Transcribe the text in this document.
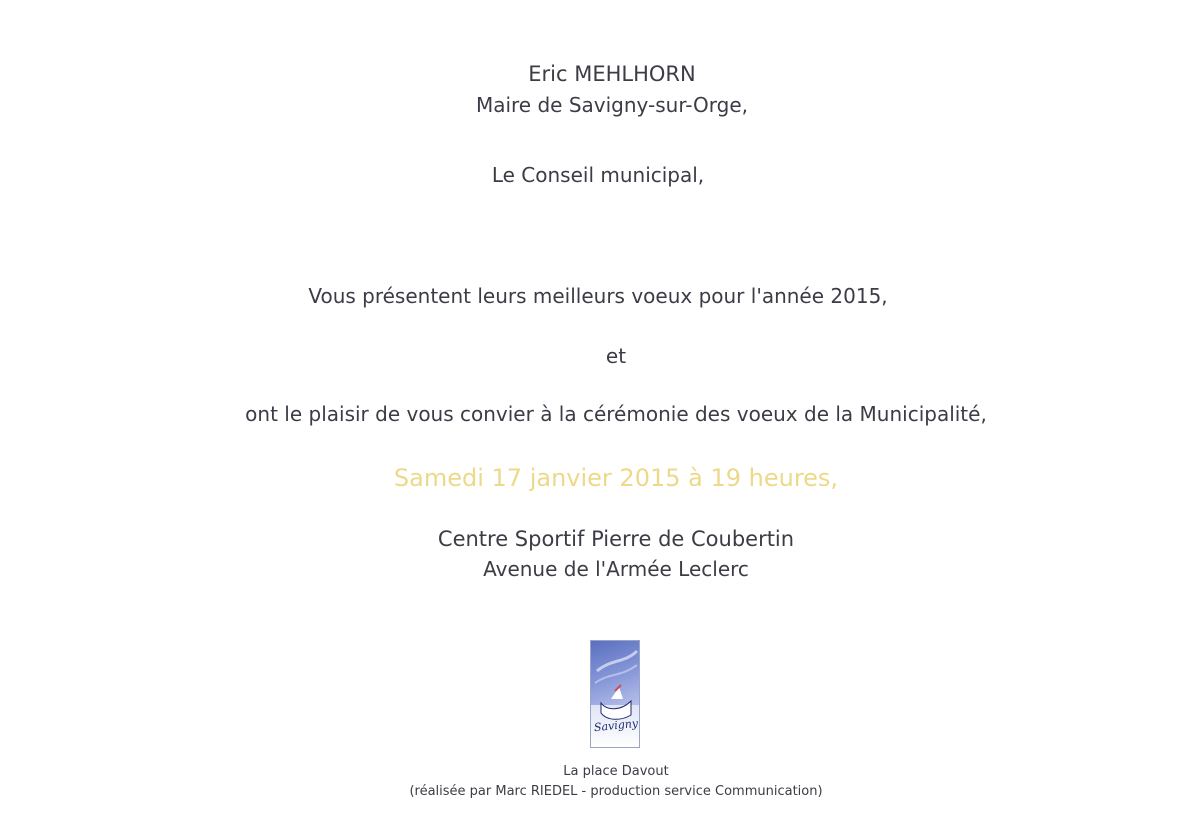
Eric MEHLHORN
Maire de Savigny-sur-Orge,
Le Conseil municipal,
Vous présentent leurs meilleurs voeux pour l'année 2015,
et
ont le plaisir de vous convier à la cérémonie des voeux de la Municipalité,
Samedi 17 janvier 2015 à 19 heures,
Centre Sportif Pierre de Coubertin
Avenue de l'Armée Leclerc
Savigny
La place Davout
(réalisée par Marc RIEDEL - production service Communication)
